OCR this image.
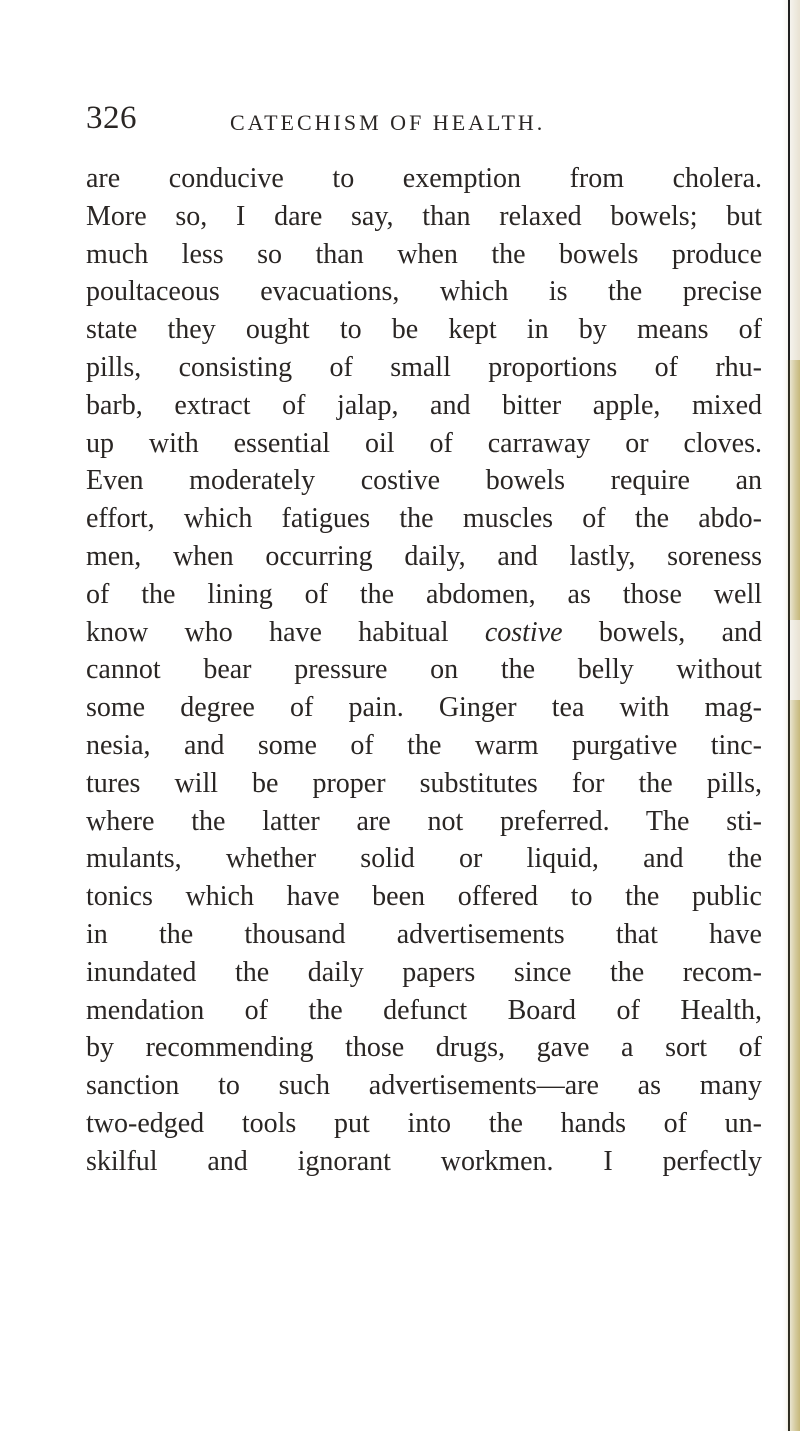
326	CATECHISM OF HEALTH.
are conducive to exemption from cholera.
More so, I dare say, than relaxed bowels; but
much less so than when the bowels produce
poultaceous evacuations, which is the precise
state they ought to be kept in by means of
pills, consisting of small proportions of rhu-
barb, extract of jalap, and bitter apple, mixed
up with essential oil of carraway or cloves.
Even moderately costive bowels require an
effort, which fatigues the muscles of the abdo-
men, when occurring daily, and lastly, soreness
of the lining of the abdomen, as those well
know who have habitual costive bowels, and
cannot bear pressure on the belly without
some degree of pain. Ginger tea with mag-
nesia, and some of the warm purgative tinc-
tures will be proper substitutes for the pills,
where the latter are not preferred. The sti-
mulants, whether solid or liquid, and the
tonics which have been offered to the public
in the thousand advertisements that have
inundated the daily papers since the recom-
mendation of the defunct Board of Health,
by recommending those drugs, gave a sort of
sanction to such advertisements—are as many
two-edged tools put into the hands of un-
skilful and ignorant workmen. I perfectly
